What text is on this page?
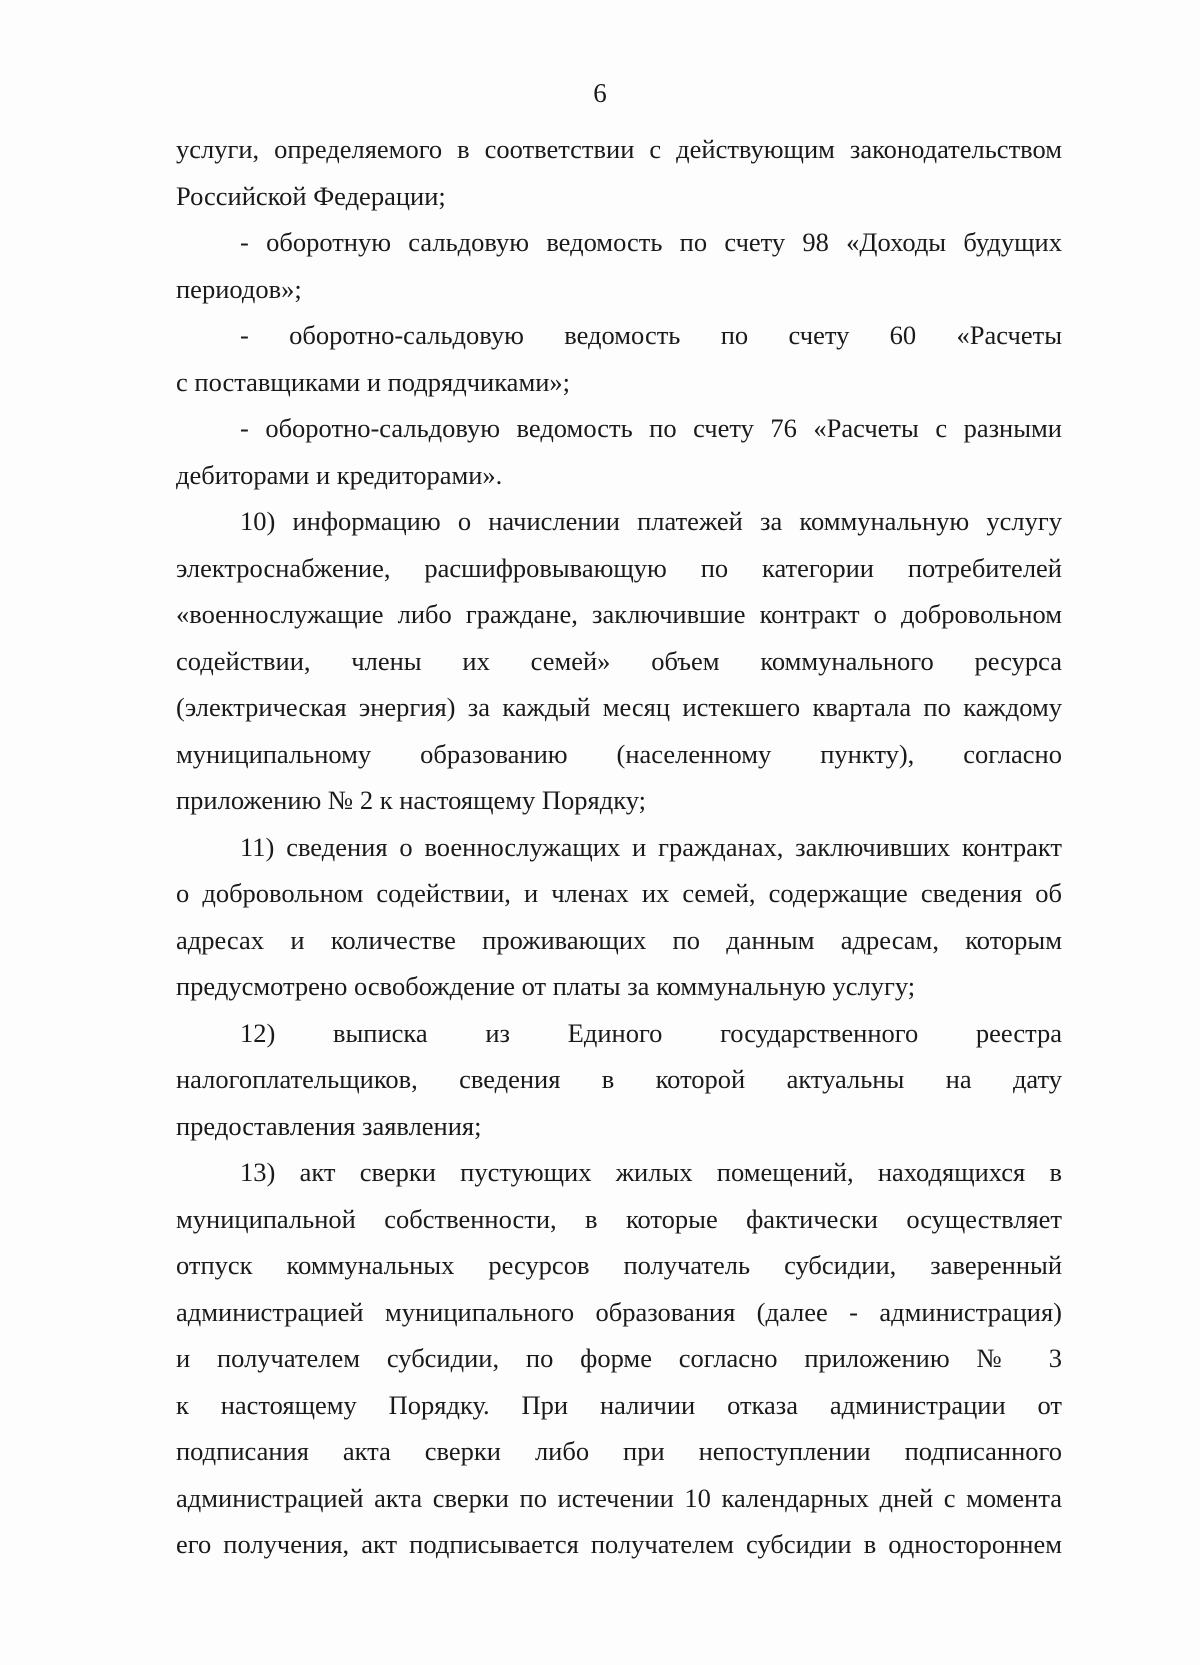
6
услуги, определяемого в соответствии с действующим законодательством
Российской Федерации;
- оборотную сальдовую ведомость по счету 98 «Доходы будущих
периодов»;
-    оборотно-сальдовую    ведомость    по    счету    60    «Расчеты
с поставщиками и подрядчиками»;
- оборотно-сальдовую ведомость по счету 76 «Расчеты с разными
дебиторами и кредиторами».
10) информацию о начислении платежей за коммунальную услугу
электроснабжение, расшифровывающую по категории потребителей
«военнослужащие либо граждане, заключившие контракт о добровольном
содействии, члены их семей» объем коммунального ресурса
(электрическая энергия) за каждый месяц истекшего квартала по каждому
муниципальному образованию (населенному пункту), согласно
приложению № 2 к настоящему Порядку;
11) сведения о военнослужащих и гражданах, заключивших контракт
о добровольном содействии, и членах их семей, содержащие сведения об
адресах и количестве проживающих по данным адресам, которым
предусмотрено освобождение от платы за коммунальную услугу;
12) выписка из Единого государственного реестра
налогоплательщиков, сведения в которой актуальны на дату
предоставления заявления;
13) акт сверки пустующих жилых помещений, находящихся в
муниципальной собственности, в которые фактически осуществляет
отпуск коммунальных ресурсов получатель субсидии, заверенный
администрацией муниципального образования (далее - администрация)
и получателем субсидии, по форме согласно приложению № 3
к настоящему Порядку. При наличии отказа администрации от
подписания акта сверки либо при непоступлении подписанного
администрацией акта сверки по истечении 10 календарных дней с момента
его получения, акт подписывается получателем субсидии в одностороннем
